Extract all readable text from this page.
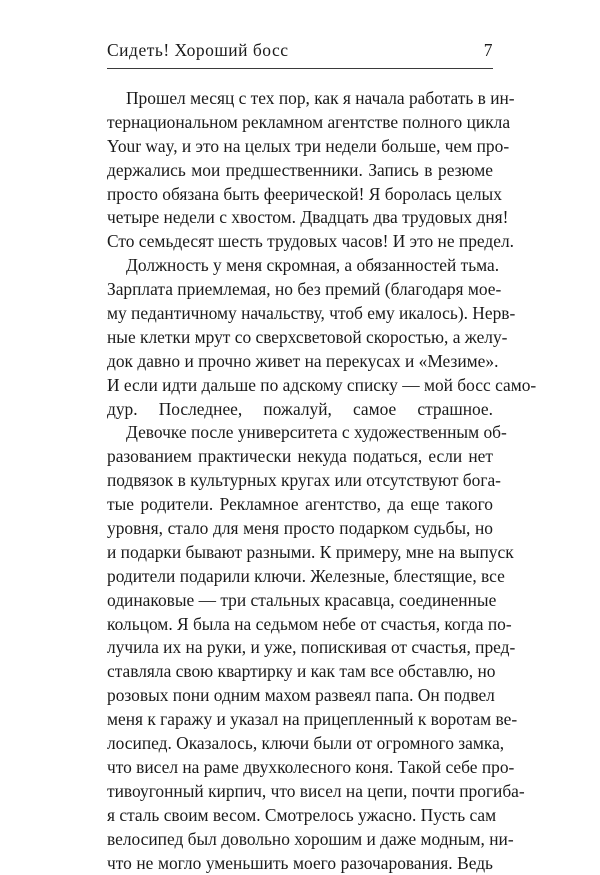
Сидеть! Хороший босс	7
Прошел месяц с тех пор, как я начала работать в ин-
тернациональном рекламном агентстве полного цикла
Your way, и это на целых три недели больше, чем про-
держались мои предшественники. Запись в резюме
просто обязана быть феерической! Я боролась целых
четыре недели с хвостом. Двадцать два трудовых дня!
Сто семьдесят шесть трудовых часов! И это не предел.
Должность у меня скромная, а обязанностей тьма.
Зарплата приемлемая, но без премий (благодаря мое-
му педантичному начальству, чтоб ему икалось). Нерв-
ные клетки мрут со сверхсветовой скоростью, а желу-
док давно и прочно живет на перекусах и «Мезиме».
И если идти дальше по адскому списку — мой босс само-
дур. Последнее, пожалуй, самое страшное.
Девочке после университета с художественным об-
разованием практически некуда податься, если нет
подвязок в культурных кругах или отсутствуют бога-
тые родители. Рекламное агентство, да еще такого
уровня, стало для меня просто подарком судьбы, но
и подарки бывают разными. К примеру, мне на выпуск
родители подарили ключи. Железные, блестящие, все
одинаковые — три стальных красавца, соединенные
кольцом. Я была на седьмом небе от счастья, когда по-
лучила их на руки, и уже, попискивая от счастья, пред-
ставляла свою квартирку и как там все обставлю, но
розовых пони одним махом развеял папа. Он подвел
меня к гаражу и указал на прицепленный к воротам ве-
лосипед. Оказалось, ключи были от огромного замка,
что висел на раме двухколесного коня. Такой себе про-
тивоугонный кирпич, что висел на цепи, почти прогиба-
я сталь своим весом. Смотрелось ужасно. Пусть сам
велосипед был довольно хорошим и даже модным, ни-
что не могло уменьшить моего разочарования. Ведь
